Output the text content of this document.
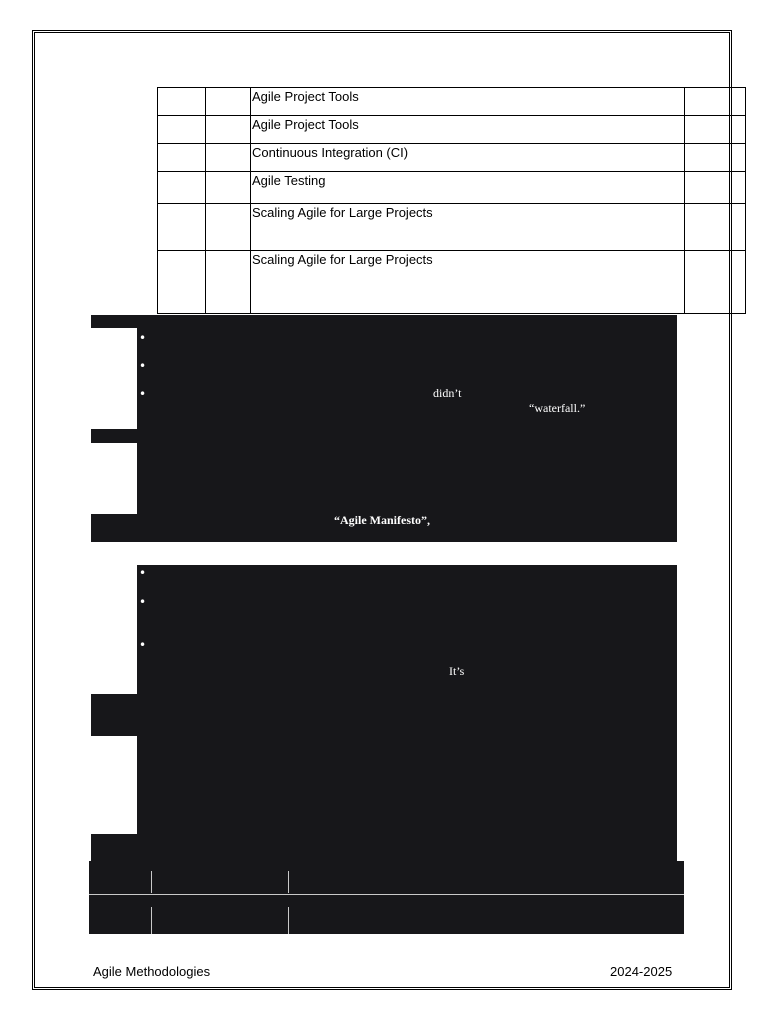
		Agile Project Tools	
		Agile Project Tools	
		Continuous Integration (CI)	
		Agile Testing	
		Scaling Agile for Large Projects	
		Scaling Agile for Large Projects	
•
•
•	didn’t
“waterfall.”
“Agile Manifesto”,
•
•
•
It’s
Agile Methodologies	2024-2025
